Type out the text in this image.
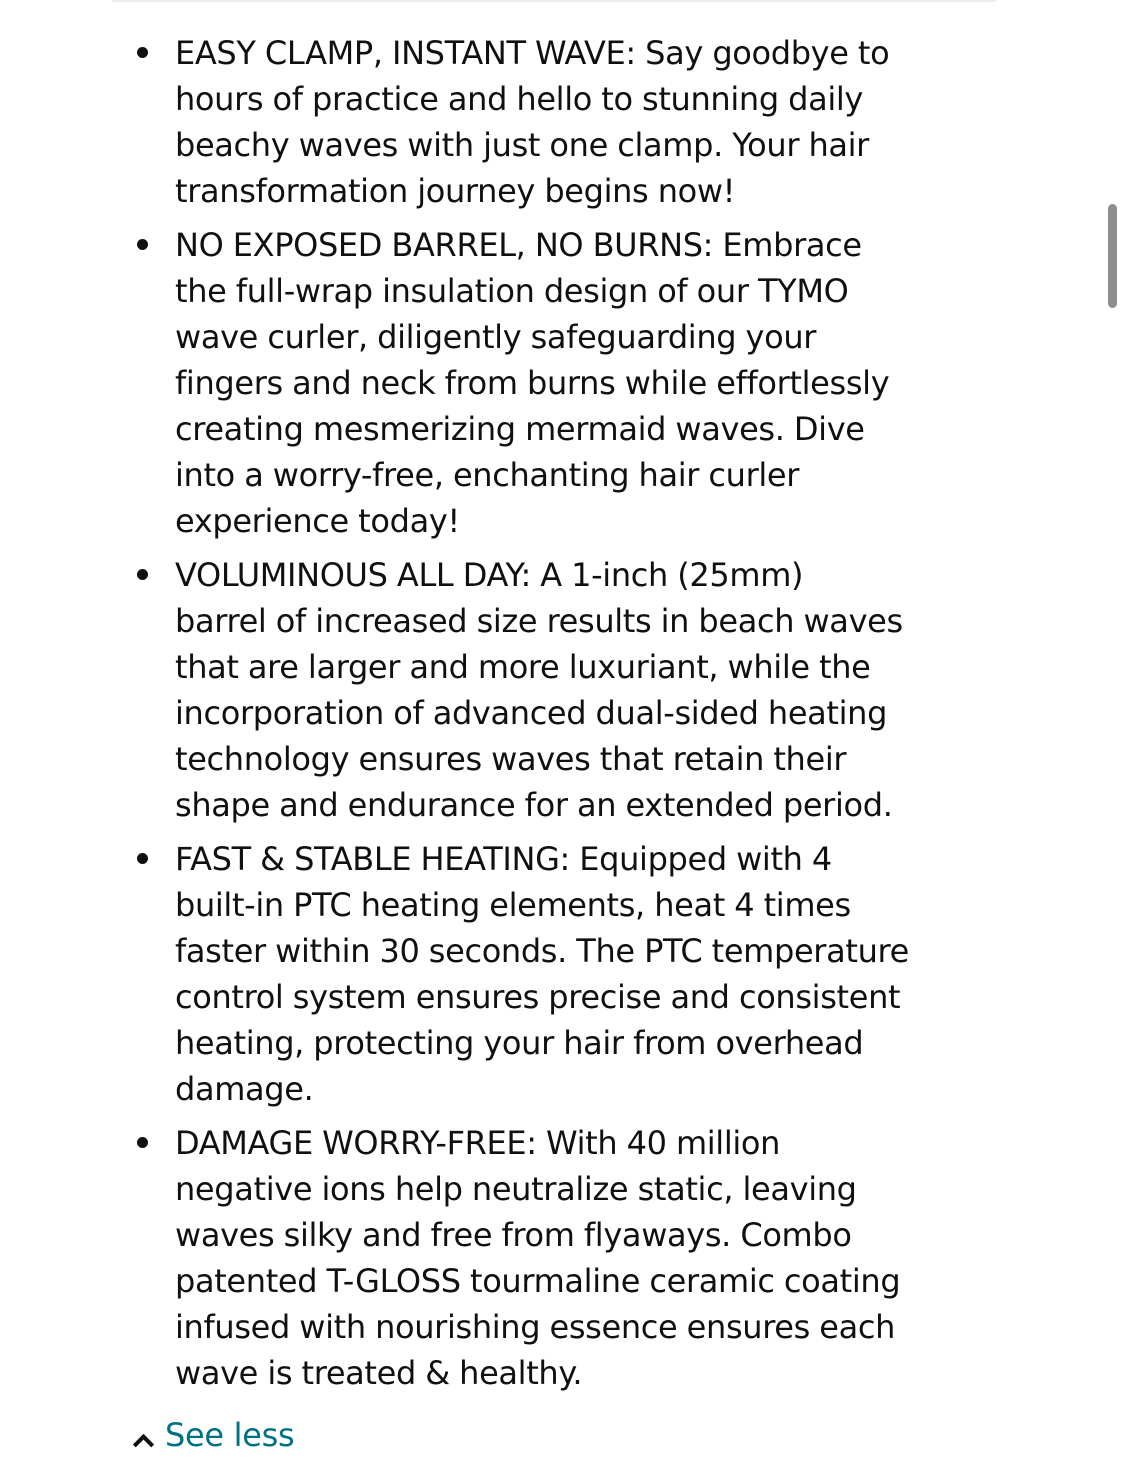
EASY CLAMP, INSTANT WAVE: Say goodbye to
hours of practice and hello to stunning daily
beachy waves with just one clamp. Your hair
transformation journey begins now!
NO EXPOSED BARREL, NO BURNS: Embrace
the full-wrap insulation design of our TYMO
wave curler, diligently safeguarding your
fingers and neck from burns while effortlessly
creating mesmerizing mermaid waves. Dive
into a worry-free, enchanting hair curler
experience today!
VOLUMINOUS ALL DAY: A 1-inch (25mm)
barrel of increased size results in beach waves
that are larger and more luxuriant, while the
incorporation of advanced dual-sided heating
technology ensures waves that retain their
shape and endurance for an extended period.
FAST & STABLE HEATING: Equipped with 4
built-in PTC heating elements, heat 4 times
faster within 30 seconds. The PTC temperature
control system ensures precise and consistent
heating, protecting your hair from overhead
damage.
DAMAGE WORRY-FREE: With 40 million
negative ions help neutralize static, leaving
waves silky and free from flyaways. Combo
patented T-GLOSS tourmaline ceramic coating
infused with nourishing essence ensures each
wave is treated & healthy.
See less
